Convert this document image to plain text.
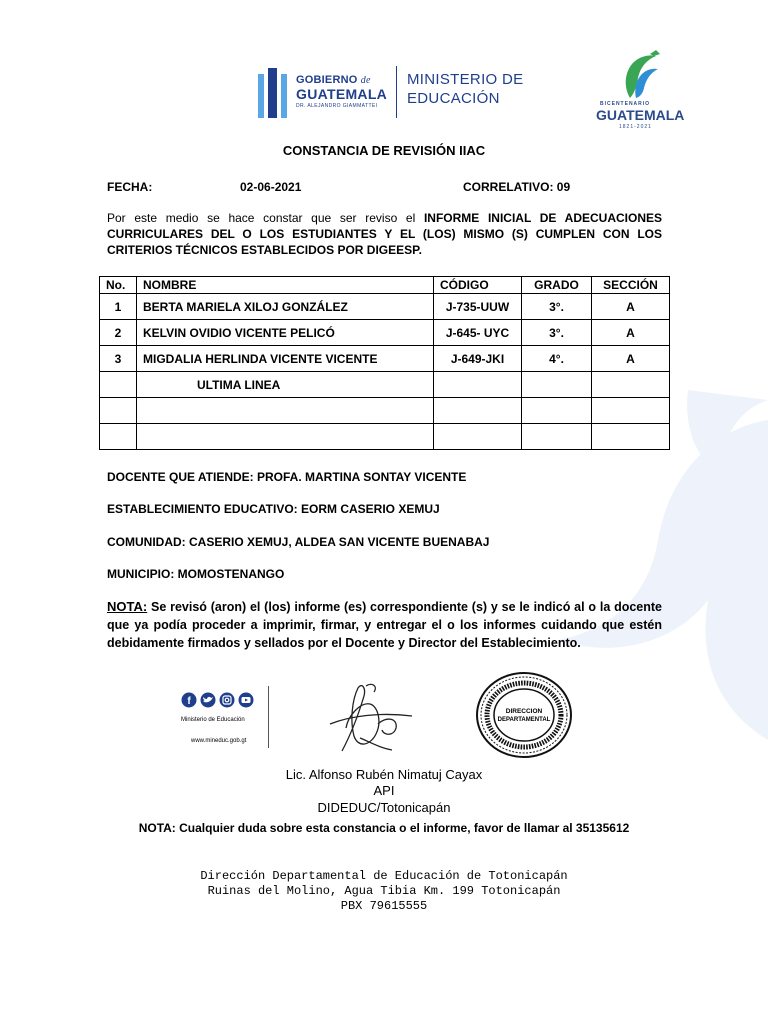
GOBIERNO de
GUATEMALA
DR. ALEJANDRO GIAMMATTEI
MINISTERIO DE
EDUCACIÓN	BICENTENARIO
GUATEMALA
1821-2021
CONSTANCIA DE REVISIÓN IIAC
FECHA:	02-06-2021	CORRELATIVO: 09
Por este medio se hace constar que ser reviso el INFORME INICIAL DE ADECUACIONES CURRICULARES DEL O LOS ESTUDIANTES Y EL (LOS) MISMO (S) CUMPLEN CON LOS CRITERIOS TÉCNICOS ESTABLECIDOS POR DIGEESP.
No.	NOMBRE	CÓDIGO	GRADO	SECCIÓN
1	BERTA MARIELA XILOJ GONZÁLEZ	J-735-UUW	3°.	A
2	KELVIN OVIDIO VICENTE PELICÓ	J-645- UYC	3°.	A
3	MIGDALIA HERLINDA VICENTE VICENTE	J-649-JKI	4°.	A
	ULTIMA LINEA			

DOCENTE QUE ATIENDE: PROFA. MARTINA SONTAY VICENTE
ESTABLECIMIENTO EDUCATIVO: EORM CASERIO XEMUJ
COMUNIDAD: CASERIO XEMUJ, ALDEA SAN VICENTE BUENABAJ
MUNICIPIO: MOMOSTENANGO
NOTA: Se revisó (aron) el (los) informe (es) correspondiente (s) y se le indicó al o la docente que ya podía proceder a imprimir, firmar, y entregar el o los informes cuidando que estén debidamente firmados y sellados por el Docente y Director del Establecimiento.
f
Ministerio de Educación
www.mineduc.gob.gt
DIRECCION
DEPARTAMENTAL
Lic. Alfonso Rubén Nimatuj Cayax
API
DIDEDUC/Totonicapán
NOTA: Cualquier duda sobre esta constancia o el informe, favor de llamar al 35135612
Dirección Departamental de Educación de Totonicapán
Ruinas del Molino, Agua Tibia Km. 199 Totonicapán
PBX 79615555
